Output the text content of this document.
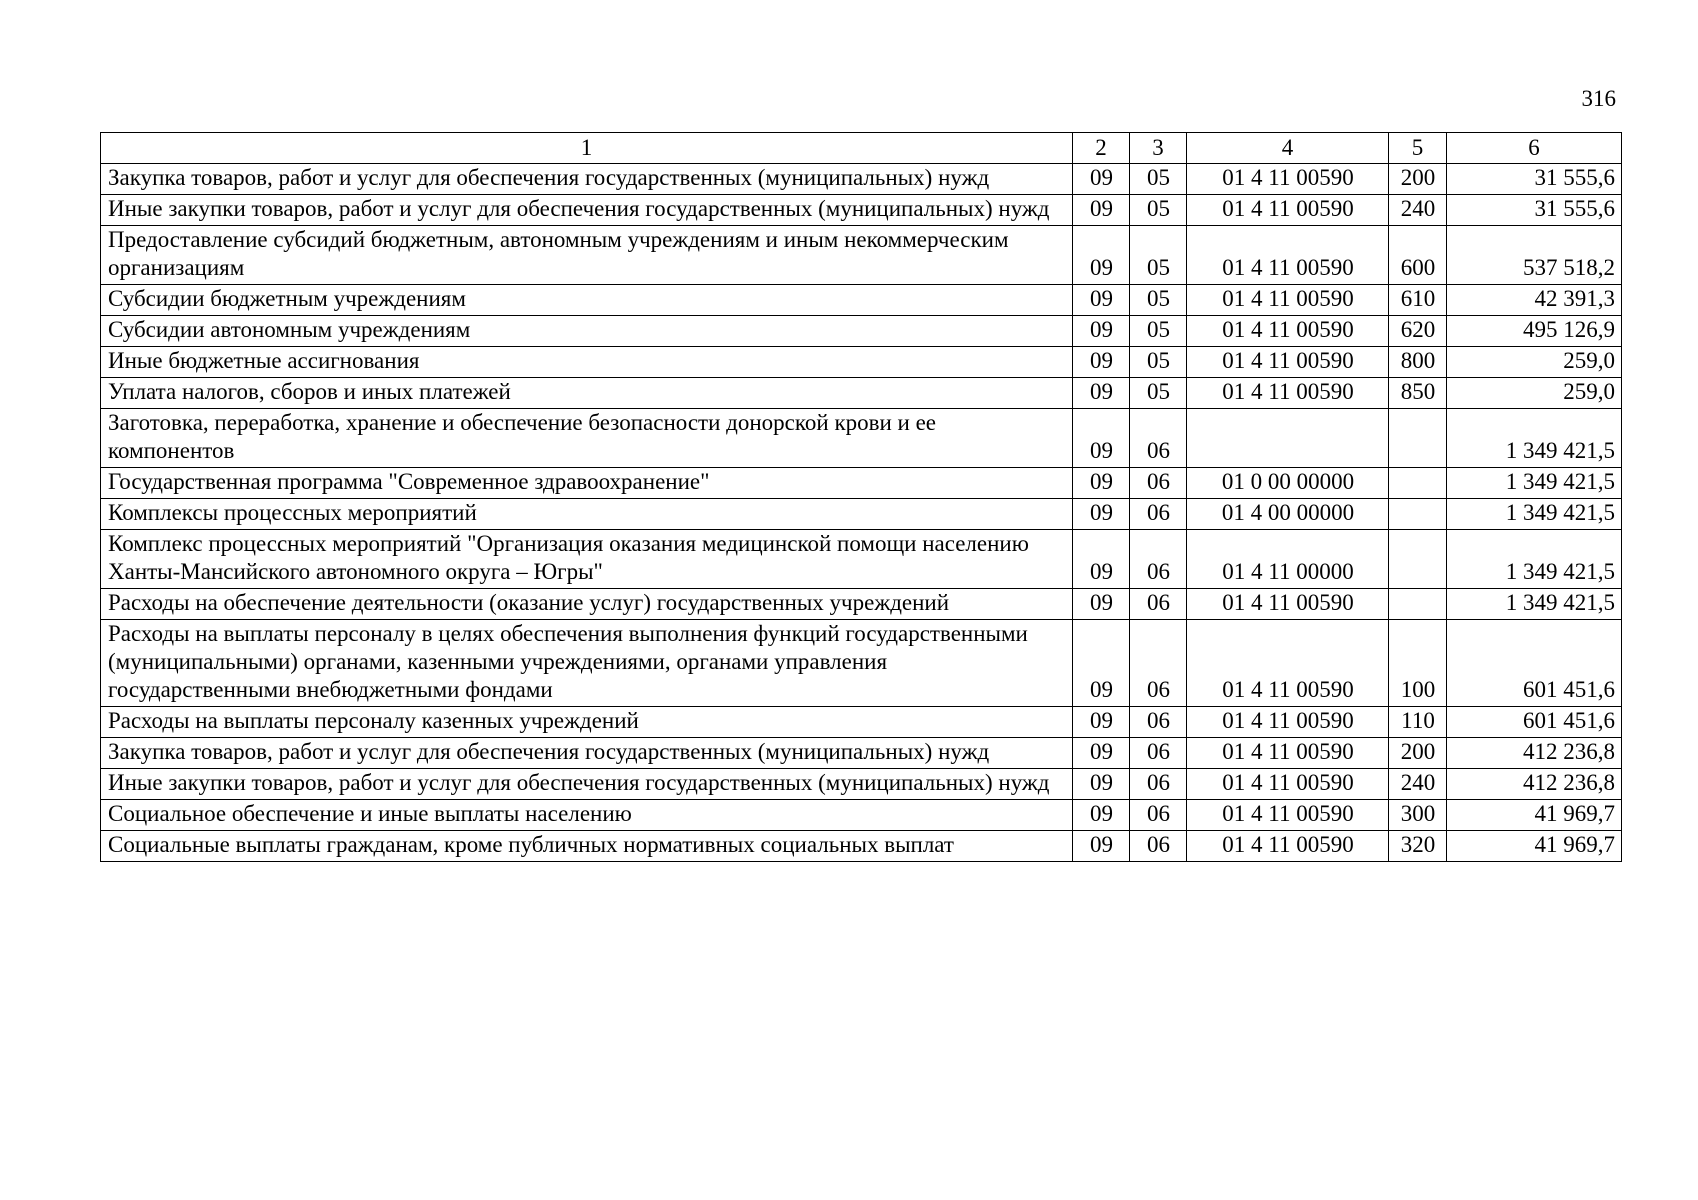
316
1	2	3	4	5	6
Закупка товаров, работ и услуг для обеспечения государственных (муниципальных) нужд	09	05	01 4 11 00590	200	31 555,6
Иные закупки товаров, работ и услуг для обеспечения государственных (муниципальных) нужд	09	05	01 4 11 00590	240	31 555,6
Предоставление субсидий бюджетным, автономным учреждениям и иным некоммерческим организациям	09	05	01 4 11 00590	600	537 518,2
Субсидии бюджетным учреждениям	09	05	01 4 11 00590	610	42 391,3
Субсидии автономным учреждениям	09	05	01 4 11 00590	620	495 126,9
Иные бюджетные ассигнования	09	05	01 4 11 00590	800	259,0
Уплата налогов, сборов и иных платежей	09	05	01 4 11 00590	850	259,0
Заготовка, переработка, хранение и обеспечение безопасности донорской крови и ее компонентов	09	06			1 349 421,5
Государственная программа "Современное здравоохранение"	09	06	01 0 00 00000		1 349 421,5
Комплексы процессных мероприятий	09	06	01 4 00 00000		1 349 421,5
Комплекс процессных мероприятий "Организация оказания медицинской помощи населению Ханты-Мансийского автономного округа – Югры"	09	06	01 4 11 00000		1 349 421,5
Расходы на обеспечение деятельности (оказание услуг) государственных учреждений	09	06	01 4 11 00590		1 349 421,5
Расходы на выплаты персоналу в целях обеспечения выполнения функций государственными (муниципальными) органами, казенными учреждениями, органами управления государственными внебюджетными фондами	09	06	01 4 11 00590	100	601 451,6
Расходы на выплаты персоналу казенных учреждений	09	06	01 4 11 00590	110	601 451,6
Закупка товаров, работ и услуг для обеспечения государственных (муниципальных) нужд	09	06	01 4 11 00590	200	412 236,8
Иные закупки товаров, работ и услуг для обеспечения государственных (муниципальных) нужд	09	06	01 4 11 00590	240	412 236,8
Социальное обеспечение и иные выплаты населению	09	06	01 4 11 00590	300	41 969,7
Социальные выплаты гражданам, кроме публичных нормативных социальных выплат	09	06	01 4 11 00590	320	41 969,7
